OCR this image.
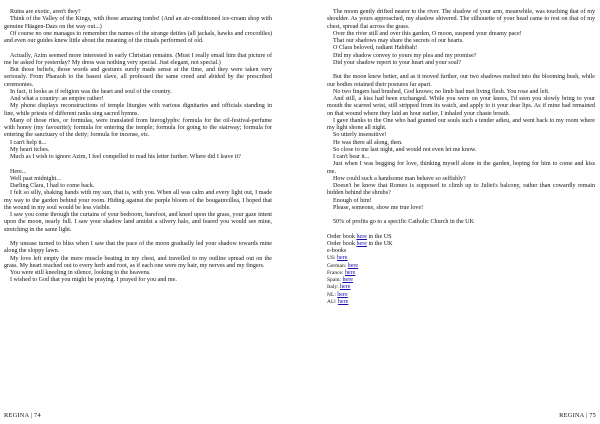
Ruins are exotic, aren't they?

Think of the Valley of the Kings, with those amazing tombs! (And an air-conditioned ice-cream shop with genuine Häagen-Dazs on the way out...)

Of course no one manages to remember the names of the strange deities (all jackals, hawks and crocodiles) and even our guides knew little about the meaning of the rituals performed of old.

Actually, Azim seemed more interested in early Christian remains. (Must I really email him that picture of me he asked for yesterday? My dress was nothing very special. Just elegant, not special.)

But those beliefs, those words and gestures surely made sense at the time, and they were taken very seriously. From Pharaoh to the basest slave, all professed the same creed and abided by the prescribed ceremonies.

In fact, it looks as if religion was the heart and soul of the country.

And what a country: an empire rather!

My phone displays reconstructions of temple liturgies with various dignitaries and officials standing in line, while priests of different ranks sing sacred hymns.

Many of those rites, or formulas, were translated from hieroglyphs: formula for the oil-festival-perfume with honey (my favourite); formula for entering the temple; formula for going to the stairway; formula for entering the sanctuary of the deity; formula for incense, etc.

I can't help it...

My heart itches.

Much as I wish to ignore Azim, I feel compelled to read his letter further. Where did I leave it?

Here...

Well past midnight...

Darling Clara, I had to come back.

I felt so silly, shaking hands with my sun, that is, with you. When all was calm and every light out, I made my way to the garden behind your room. Hiding against the purple bloom of the bougainvillea, I hoped that the wound in my soul would be less visible.

I saw you come through the curtains of your bedroom, barefoot, and kneel upon the grass, your gaze intent upon the moon, nearly full. I saw your shadow land amidst a silvery halo, and feared you would see mine, stretching in the same light.

My unease turned to bliss when I saw that the pace of the moon gradually led your shadow towards mine along the sloppy lawn.

My love left empty the mere muscle beating in my chest, and travelled to my outline spread out on the grass. My heart reached out to every herb and root, as if each one were my hair, my nerves and my fingers.

You were still kneeling in silence, looking to the heavens.

I wished to God that you might be praying. I prayed for you and me.

REGINA | 74

The moon gently drifted nearer to the river. The shadow of your arm, meanwhile, was touching that of my shoulder. As yours approached, my shadow shivered. The silhouette of your head came to rest on that of my chest, spread flat across the grass.

Over the river still and over this garden, O moon, suspend your dreamy pace!

That our shadows may share the secrets of our hearts.

O Clara beloved, radiant Habibah!

Did my shadow convey to yours my plea and my promise?

Did your shadow report to your heart and your soul?

But the moon knew better, and as it moved further, our two shadows melted into the blooming bush, while our bodies retained their postures far apart.

No two fingers had brushed, God knows; no limb had met living flesh. You rose and left.

And still, a kiss had been exchanged. While you were on your knees, I'd seen you slowly bring to your mouth the scarred wrist, still stripped from its watch, and apply to it your dear lips. As if mine had remained on that wound where they laid an hour earlier, I inhaled your chaste breath.

I gave thanks to the One who had granted our souls such a tender adieu, and went back to my room where my light shone all night.

So utterly insensitive!

He was there all along, then.

So close to me last night, and would not even let me know.

I can't bear it...

Just when I was begging for love, thinking myself alone in the garden, hoping for him to come and kiss me.

How could such a handsome man behave so selfishly?

Doesn't he know that Romeo is supposed to climb up to Juliet's balcony, rather than cowardly remain hidden behind the shrubs?

Enough of him!

Please, someone, show me true love!

50% of profits go to a specific Catholic Church in the UK

Order book here in the US

Order book here in the UK

e-books

US: here

German: here

France: here

Spain: here

Italy: here

NL: here

AU: here

REGINA | 75
